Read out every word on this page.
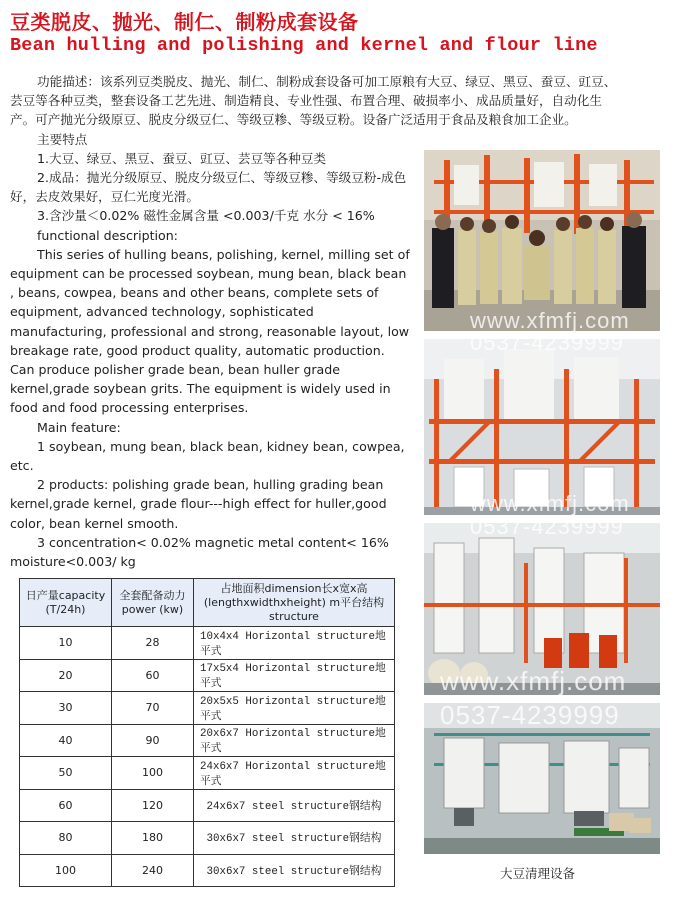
豆类脱皮、抛光、制仁、制粉成套设备
Bean hulling and polishing and kernel and flour line

功能描述：该系列豆类脱皮、抛光、制仁、制粉成套设备可加工原粮有大豆、绿豆、黑豆、蚕豆、豇豆、芸豆等各种豆类，整套设备工艺先进、制造精良、专业性强、布置合理、破损率小、成品质量好，自动化生产。可产抛光分级原豆、脱皮分级豆仁、等级豆糁、等级豆粉。设备广泛适用于食品及粮食加工企业。

主要特点

1.大豆、绿豆、黑豆、蚕豆、豇豆、芸豆等各种豆类

2.成品：抛光分级原豆、脱皮分级豆仁、等级豆糁、等级豆粉-成色好，去皮效果好，豆仁光度光滑。

3.含沙量＜0.02% 磁性金属含量 <0.003/千克 水分 < 16%

functional description:

This series of hulling beans, polishing, kernel, milling set of equipment can be processed soybean, mung bean, black bean , beans, cowpea, beans and other beans, complete sets of equipment, advanced technology, sophisticated manufacturing, professional and strong, reasonable layout, low breakage rate, good product quality, automatic production. Can produce polisher grade bean, bean huller grade kernel,grade soybean grits. The equipment is widely used in food and food processing enterprises.

Main feature:

1 soybean, mung bean, black bean, kidney bean, cowpea, etc.

2 products: polishing grade bean, hulling grading bean kernel,grade kernel, grade flour---high effect for huller,good color, bean kernel smooth.

3 concentration< 0.02% magnetic metal content< 16% moisture<0.003/ kg

日产量capacity (T/24h)	全套配备动力 power (kw)	占地面积dimension长x宽x高 (lengthxwidthxheight) m平台结构 structure
10	28	10x4x4 Horizontal structure地平式
20	60	17x5x4 Horizontal structure地平式
30	70	20x5x5 Horizontal structure地平式
40	90	20x6x7 Horizontal structure地平式
50	100	24x6x7 Horizontal structure地平式
60	120	24x6x7 steel structure钢结构
80	180	30x6x7 steel structure钢结构
100	240	30x6x7 steel structure钢结构
www.xfmfj.com
0537-4239999
www.xfmfj.com
0537-4239999
www.xfmfj.com
0537-4239999
大豆清理设备
